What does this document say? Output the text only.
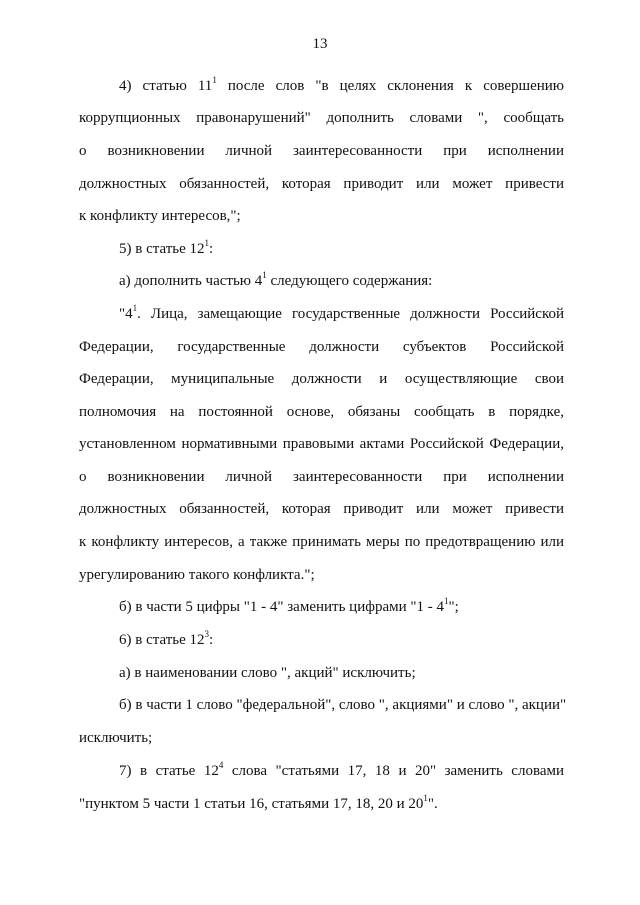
13
4) статью $11^1$ после слов "в целях склонения к совершению
коррупционных правонарушений" дополнить словами ", сообщать
о возникновении личной заинтересованности при исполнении
должностных обязанностей, которая приводит или может привести
к конфликту интересов,";
5) в статье $12^1$:
а) дополнить частью $4^1$ следующего содержания:
"$4^1$. Лица, замещающие государственные должности Российской
Федерации, государственные должности субъектов Российской
Федерации, муниципальные должности и осуществляющие свои
полномочия на постоянной основе, обязаны сообщать в порядке,
установленном нормативными правовыми актами Российской Федерации,
о возникновении личной заинтересованности при исполнении
должностных обязанностей, которая приводит или может привести
к конфликту интересов, а также принимать меры по предотвращению или
урегулированию такого конфликта.";
б) в части 5 цифры "1 - 4" заменить цифрами "$1 - 4^1$";
6) в статье $12^3$:
а) в наименовании слово ", акций" исключить;
б) в части 1 слово "федеральной", слово ", акциями" и слово ", акции"
исключить;
7) в статье $12^4$ слова "статьями 17, 18 и 20" заменить словами
"пунктом 5 части 1 статьи 16, статьями 17, 18, 20 и $20^1$".
